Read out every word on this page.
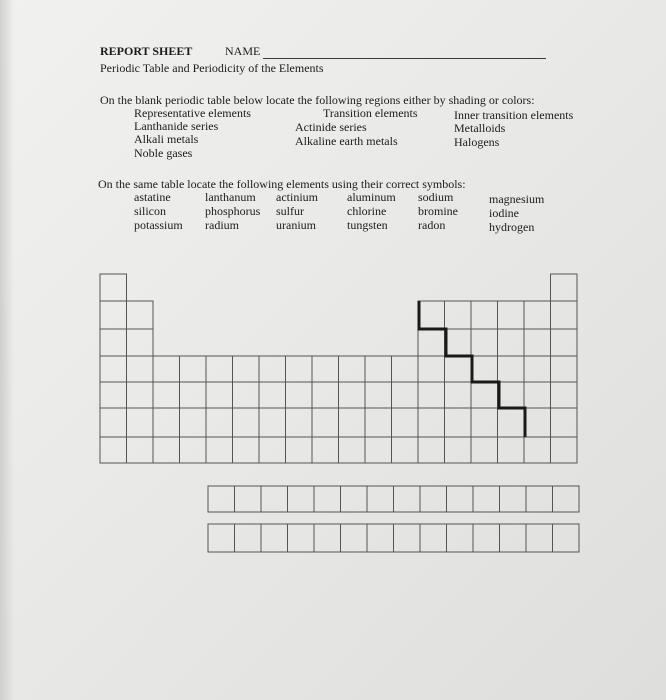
REPORT SHEET	NAME
Periodic Table and Periodicity of the Elements
On the blank periodic table below locate the following regions either by shading or colors:
Representative elements	Transition elements	Inner transition elements
Lanthanide series	Actinide series	Metalloids
Alkali metals	Alkaline earth metals	Halogens
Noble gases
On the same table locate the following elements using their correct symbols:
astatine	lanthanum actinium aluminum sodium	magnesium
silicon	phosphorus sulfur	chlorine	bromine	iodine
potassium radium	uranium	tungsten	radon	hydrogen
